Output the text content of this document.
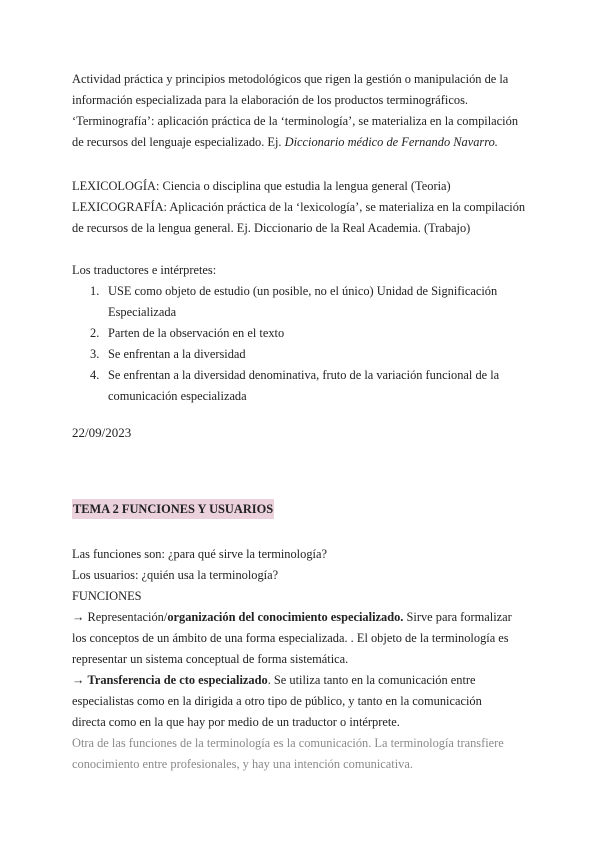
Actividad práctica y principios metodológicos que rigen la gestión o manipulación de la
información especializada para la elaboración de los productos terminográficos.
‘Terminografía’: aplicación práctica de la ‘terminología’, se materializa en la compilación
de recursos del lenguaje especializado. Ej. Diccionario médico de Fernando Navarro.
LEXICOLOGÍA: Ciencia o disciplina que estudia la lengua general (Teoria)
LEXICOGRAFÍA: Aplicación práctica de la ‘lexicología’, se materializa en la compilación
de recursos de la lengua general. Ej. Diccionario de la Real Academia. (Trabajo)
Los traductores e intérpretes:
1. USE como objeto de estudio (un posible, no el único) Unidad de Significación
Especializada
2. Parten de la observación en el texto
3. Se enfrentan a la diversidad
4. Se enfrentan a la diversidad denominativa, fruto de la variación funcional de la
comunicación especializada
22/09/2023
TEMA 2 FUNCIONES Y USUARIOS
Las funciones son: ¿para qué sirve la terminología?
Los usuarios: ¿quién usa la terminología?
FUNCIONES
→ Representación/organización del conocimiento especializado. Sirve para formalizar
los conceptos de un ámbito de una forma especializada. . El objeto de la terminología es
representar un sistema conceptual de forma sistemática.
→ Transferencia de cto especializado. Se utiliza tanto en la comunicación entre
especialistas como en la dirigida a otro tipo de público, y tanto en la comunicación
directa como en la que hay por medio de un traductor o intérprete.
Otra de las funciones de la terminología es la comunicación. La terminología transfiere
conocimiento entre profesionales, y hay una intención comunicativa.
